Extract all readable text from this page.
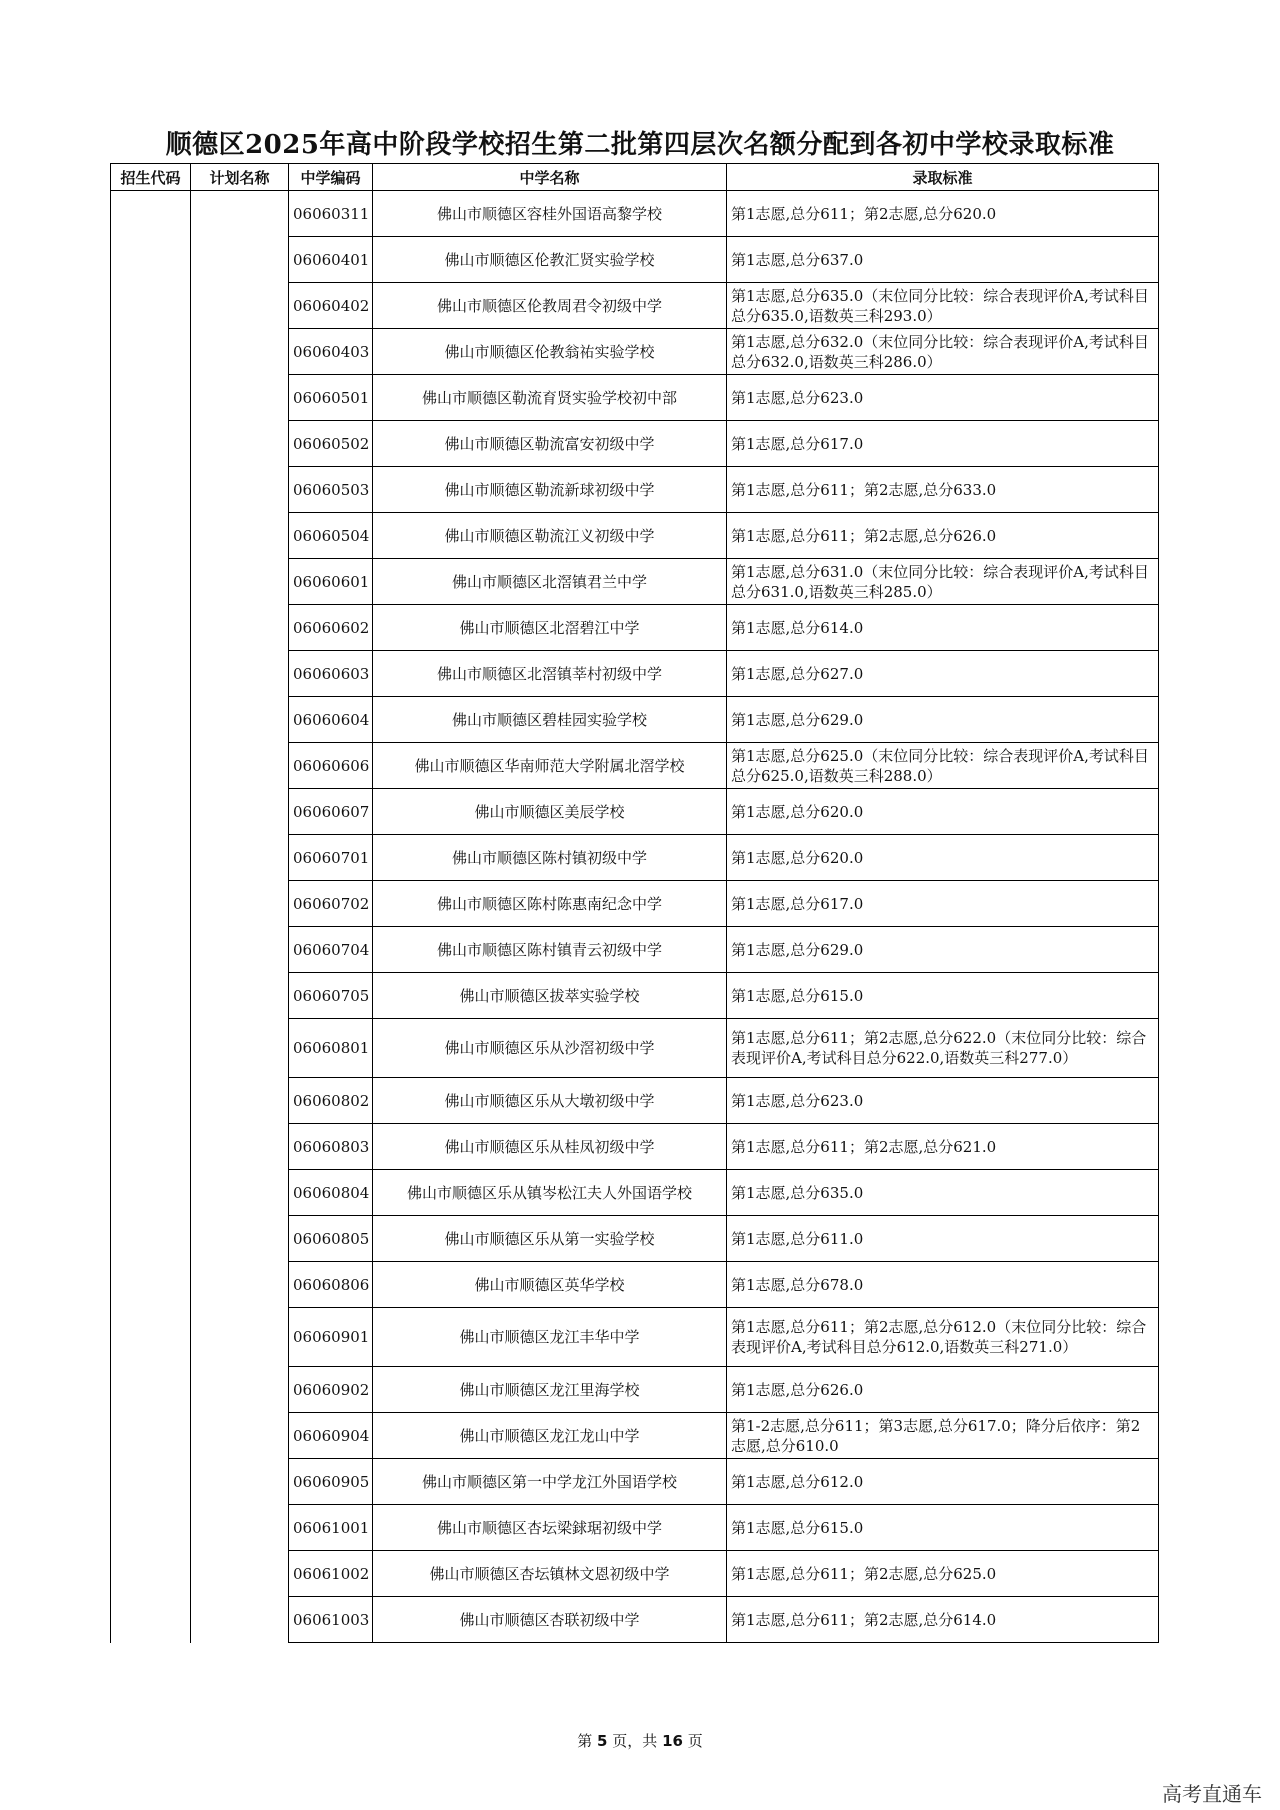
顺德区2025年高中阶段学校招生第二批第四层次名额分配到各初中学校录取标准
招生代码	计划名称	中学编码	中学名称	录取标准
		06060311	佛山市顺德区容桂外国语高黎学校	第1志愿,总分611；第2志愿,总分620.0
		06060401	佛山市顺德区伦教汇贤实验学校	第1志愿,总分637.0
		06060402	佛山市顺德区伦教周君令初级中学	第1志愿,总分635.0（末位同分比较：综合表现评价A,考试科目总分635.0,语数英三科293.0）
		06060403	佛山市顺德区伦教翁祐实验学校	第1志愿,总分632.0（末位同分比较：综合表现评价A,考试科目总分632.0,语数英三科286.0）
		06060501	佛山市顺德区勒流育贤实验学校初中部	第1志愿,总分623.0
		06060502	佛山市顺德区勒流富安初级中学	第1志愿,总分617.0
		06060503	佛山市顺德区勒流新球初级中学	第1志愿,总分611；第2志愿,总分633.0
		06060504	佛山市顺德区勒流江义初级中学	第1志愿,总分611；第2志愿,总分626.0
		06060601	佛山市顺德区北滘镇君兰中学	第1志愿,总分631.0（末位同分比较：综合表现评价A,考试科目总分631.0,语数英三科285.0）
		06060602	佛山市顺德区北滘碧江中学	第1志愿,总分614.0
		06060603	佛山市顺德区北滘镇莘村初级中学	第1志愿,总分627.0
		06060604	佛山市顺德区碧桂园实验学校	第1志愿,总分629.0
		06060606	佛山市顺德区华南师范大学附属北滘学校	第1志愿,总分625.0（末位同分比较：综合表现评价A,考试科目总分625.0,语数英三科288.0）
		06060607	佛山市顺德区美辰学校	第1志愿,总分620.0
		06060701	佛山市顺德区陈村镇初级中学	第1志愿,总分620.0
		06060702	佛山市顺德区陈村陈惠南纪念中学	第1志愿,总分617.0
		06060704	佛山市顺德区陈村镇青云初级中学	第1志愿,总分629.0
		06060705	佛山市顺德区拔萃实验学校	第1志愿,总分615.0
		06060801	佛山市顺德区乐从沙滘初级中学	第1志愿,总分611；第2志愿,总分622.0（末位同分比较：综合表现评价A,考试科目总分622.0,语数英三科277.0）
		06060802	佛山市顺德区乐从大墩初级中学	第1志愿,总分623.0
		06060803	佛山市顺德区乐从桂凤初级中学	第1志愿,总分611；第2志愿,总分621.0
		06060804	佛山市顺德区乐从镇岑松江夫人外国语学校	第1志愿,总分635.0
		06060805	佛山市顺德区乐从第一实验学校	第1志愿,总分611.0
		06060806	佛山市顺德区英华学校	第1志愿,总分678.0
		06060901	佛山市顺德区龙江丰华中学	第1志愿,总分611；第2志愿,总分612.0（末位同分比较：综合表现评价A,考试科目总分612.0,语数英三科271.0）
		06060902	佛山市顺德区龙江里海学校	第1志愿,总分626.0
		06060904	佛山市顺德区龙江龙山中学	第1-2志愿,总分611；第3志愿,总分617.0；降分后依序：第2志愿,总分610.0
		06060905	佛山市顺德区第一中学龙江外国语学校	第1志愿,总分612.0
		06061001	佛山市顺德区杏坛梁銶琚初级中学	第1志愿,总分615.0
		06061002	佛山市顺德区杏坛镇林文恩初级中学	第1志愿,总分611；第2志愿,总分625.0
		06061003	佛山市顺德区杏联初级中学	第1志愿,总分611；第2志愿,总分614.0
第 5 页，共 16 页
高考直通车
